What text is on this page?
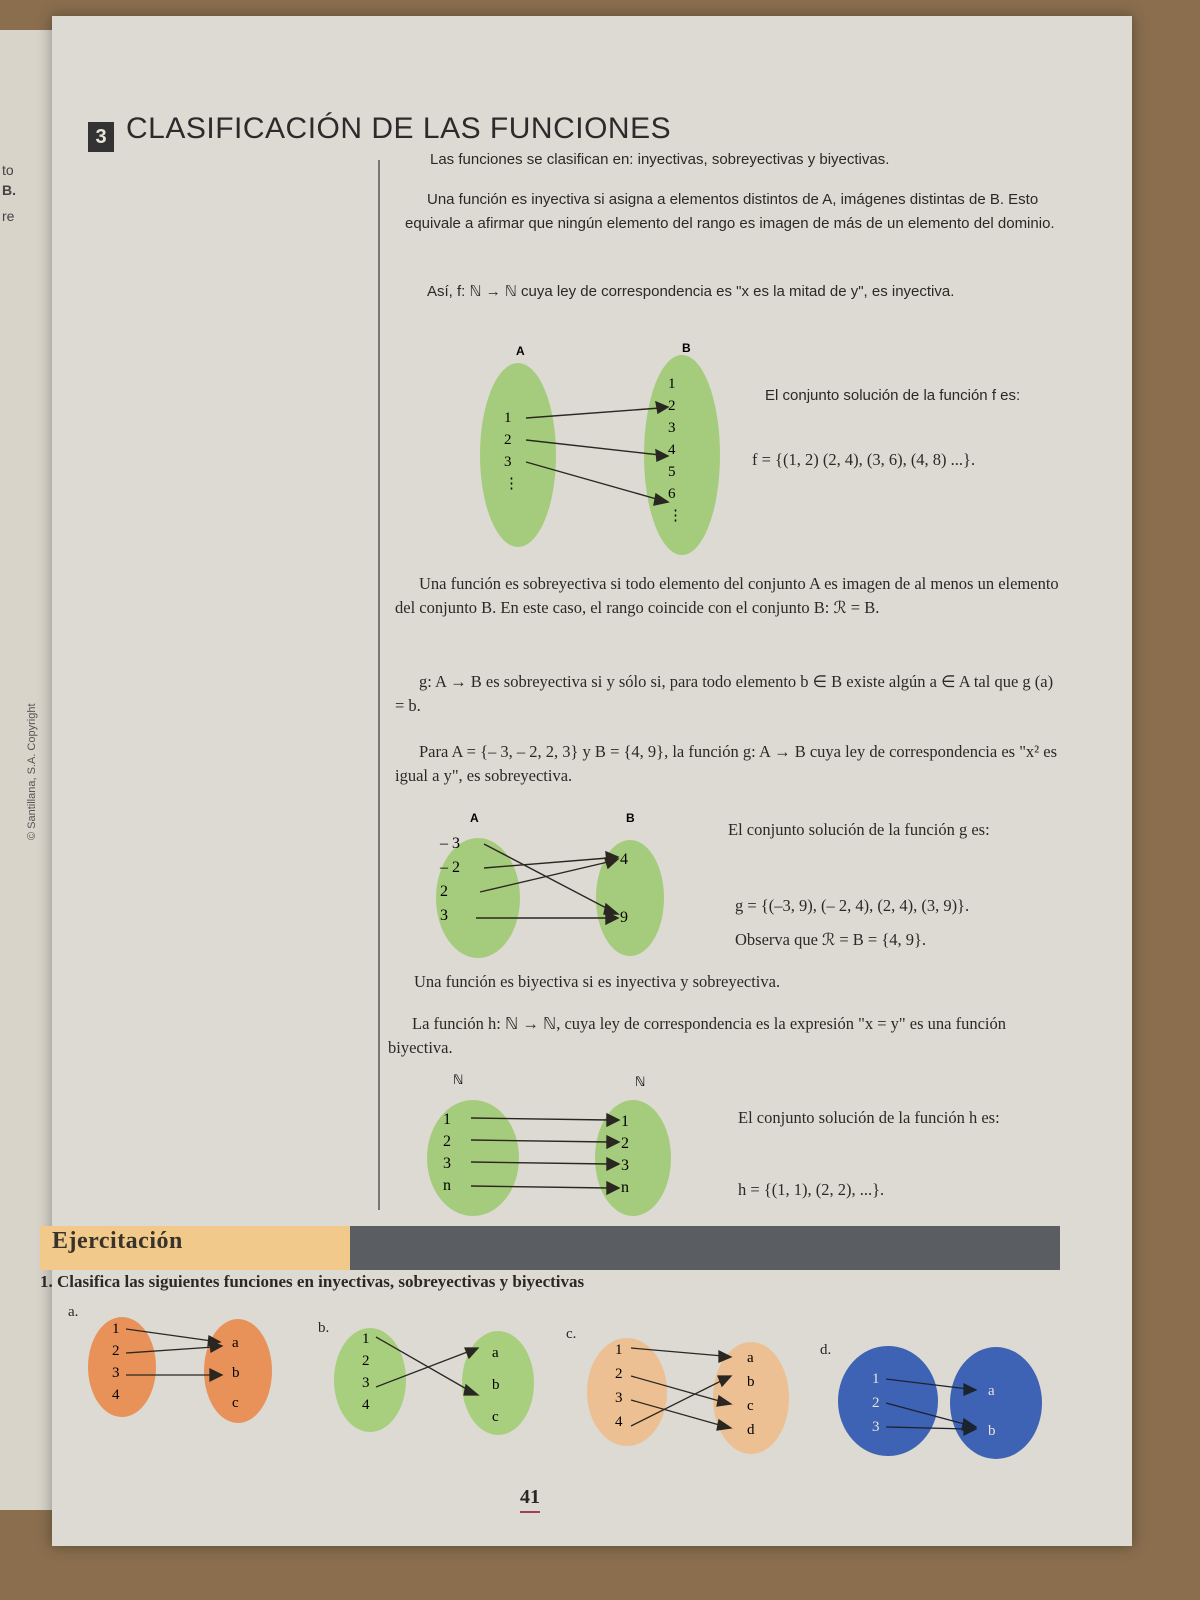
to
B.
re
© Santillana, S.A. Copyright
3 CLASIFICACIÓN DE LAS FUNCIONES
Las funciones se clasifican en: inyectivas, sobreyectivas y biyectivas.
Una función es inyectiva si asigna a elementos distintos de A, imágenes distintas de B. Esto equivale a afirmar que ningún elemento del rango es imagen de más de un elemento del dominio.
Así, f: ℕ → ℕ cuya ley de correspondencia es "x es la mitad de y", es inyectiva.
A	B
1
2
3
⋮
1
2
3
4
5
6
⋮
El conjunto solución de la función f es:
f = {(1, 2) (2, 4), (3, 6), (4, 8) ...}.
Una función es sobreyectiva si todo elemento del conjunto A es imagen de al menos un elemento del conjunto B. En este caso, el rango coincide con el conjunto B: ℛ = B.
g: A → B es sobreyectiva si y sólo si, para todo elemento b ∈ B existe algún a ∈ A tal que g (a) = b.
Para A = {– 3, – 2, 2, 3} y B = {4, 9}, la función g: A → B cuya ley de correspondencia es "x² es igual a y", es sobreyectiva.
A	B
– 3
– 2
2
3
4
9
El conjunto solución de la función g es:
g = {(–3, 9), (– 2, 4), (2, 4), (3, 9)}.
Observa que ℛ = B = {4, 9}.
Una función es biyectiva si es inyectiva y sobreyectiva.
La función h: ℕ → ℕ, cuya ley de correspondencia es la expresión "x = y" es una función biyectiva.
ℕ	ℕ
1
2
3
n
1
2
3
n
El conjunto solución de la función h es:
h = {(1, 1), (2, 2), ...}.
Ejercitación
1. Clasifica las siguientes funciones en inyectivas, sobreyectivas y biyectivas
a.
1
2
3
4
a
b
c
b.
1
2
3
4
a
b
c
c.
1
2
3
4
a
b
c
d
d.
1
2
3
a
b
41
